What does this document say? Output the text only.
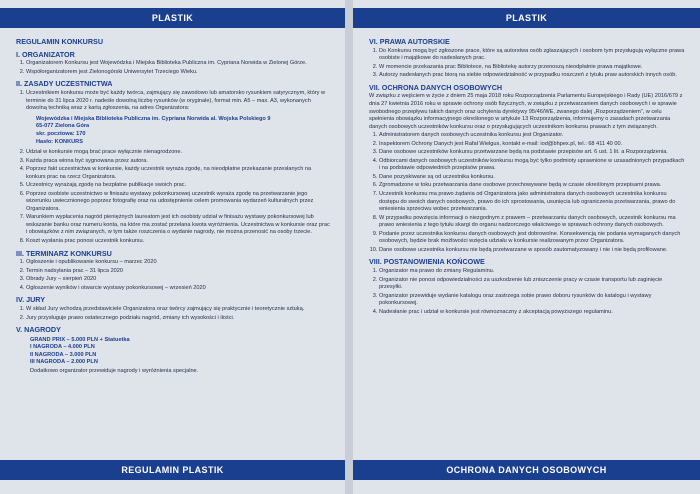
PLASTIK
REGULAMIN KONKURSU
I. ORGANIZATOR
1. Organizatorem Konkursu jest Wojewódzka i Miejska Biblioteka Publiczna im. Cypriana Norwida w Zielonej Górze.
2. Współorganizatorem jest Zielonogórski Uniwersytet Trzeciego Wieku.
II. ZASADY UCZESTNICTWA
1. Uczestnikiem konkursu może być każdy twórca, zajmujący się zawodowo lub amatorsko rysunkiem satyrycznym, który w terminie do 31 lipca 2020 r. nadeśle dowolną liczbę rysunków (w oryginale), format min. A5 – max. A3, wykonanych dowolną techniką wraz z kartą zgłoszenia, na adres Organizatora:
Wojewódzka i Miejska Biblioteka Publiczna im. Cypriana Norwida al. Wojska Polskiego 9
65-077 Zielona Góra
skr. pocztowa: 170
Hasło: KONKURS
2. Udział w konkursie mogą brać prace wyłącznie nienagrodzone.
3. Każda praca winna być sygnowana przez autora.
4. Poprzez fakt uczestnictwa w konkursie, każdy uczestnik wyraża zgodę, na nieodpłatne przekazanie przesłanych na konkurs prac na rzecz Organizatora.
5. Uczestnicy wyrażają zgodę na bezpłatne publikacje swoich prac.
6. Poprzez osobiste uczestnictwo w finisażu wystawy pokonkursowej uczestnik wyraża zgodę na przetwarzanie jego wizerunku uwiecznionego poprzez fotografię oraz na udostępnienie celem promowania wydarzeń kulturalnych przez Organizatora.
7. Warunkiem wypłacenia nagród pieniężnych laureatom jest ich osobisty udział w finisażu wystawy pokonkursowej lub wskazanie banku oraz numeru konta, na które ma zostać przelana kwota wyróżnienia. Uczestnictwa w konkursie oraz prac i obowiązków z nim związanych, w tym także roszczenia o wydanie nagrody, nie można przenosić na osoby trzecie.
8. Koszt wysłania prac ponosi uczestnik konkursu.
III. TERMINARZ KONKURSU
1. Ogłoszenie i opublikowanie konkursu – marzec 2020
2. Termin nadsyłania prac – 31 lipca 2020
3. Obrady Jury – sierpień 2020
4. Ogłoszenie wyników i otwarcie wystawy pokonkursowej – wrzesień 2020
IV. JURY
1. W skład Jury wchodzą przedstawiciele Organizatora oraz twórcy zajmujący się praktycznie i teoretycznie sztuką.
2. Jury przysługuje prawo ostatecznego podziału nagród, zmiany ich wysokości i ilości.
V. NAGRODY
GRAND PRIX – 5.000 PLN + Statuetka
I NAGRODA – 4.000 PLN
II NAGRODA – 3.000 PLN
III NAGRODA – 2.000 PLN

Dodatkowo organizator przewiduje nagrody i wyróżnienia specjalne.

REGULAMIN PLASTIK
PLASTIK
VI. PRAWA AUTORSKIE
1. Do Konkursu mogą być zgłoszone prace, które są autorstwa osób zgłaszających i osobom tym przysługują wyłączne prawa osobiste i majątkowe do nadesłanych prac.
2. W momencie przekazania prac Bibliotece, na Bibliotekę autorzy przenoszą nieodpłatnie prawa majątkowe.
3. Autorzy nadesłanych prac biorą na siebie odpowiedzialność w przypadku roszczeń z tytułu praw autorskich innych osób.
VII. OCHRONA DANYCH OSOBOWYCH

W związku z wejściem w życie z dniem 25 maja 2018 roku Rozporządzenia Parlamentu Europejskiego i Rady (UE) 2016/679 z dnia 27 kwietnia 2016 roku w sprawie ochrony osób fizycznych, w związku z przetwarzaniem danych osobowych i w sprawie swobodnego przepływu takich danych oraz uchylenia dyrektywy 95/46/WE, zwanego dalej „Rozporządzeniem”, w celu spełnienia obowiązku informacyjnego określonego w artykule 13 Rozporządzenia, informujemy o zasadach przetwarzania danych osobowych uczestników konkursu oraz o przysługujących uczestnikom konkursu prawach z tym związanych.

1. Administratorem danych osobowych uczestnika konkursu jest Organizator.
2. Inspektorem Ochrony Danych jest Rafał Wielgus, kontakt e-mail: iod@bhpex.pl, tel.: 68 411 40 00.
3. Dane osobowe uczestników konkursu przetwarzane będą na podstawie przepisów art. 6 ust. 1 lit. a Rozporządzenia.
4. Odbiorcami danych osobowych uczestników konkursu mogą być tylko podmioty uprawnione w uzasadnionych przypadkach i na podstawie odpowiednich przepisów prawa.
5. Dane pozyskiwane są od uczestnika konkursu.
6. Zgromadzone w toku przetwarzania dane osobowe przechowywane będą w czasie określonym przepisami prawa.
7. Uczestnik konkursu ma prawo żądania od Organizatora jako administratora danych osobowych uczestnika konkursu dostępu do swoich danych osobowych, prawo do ich sprostowania, usunięcia lub ograniczenia przetwarzania, prawo do wniesienia sprzeciwu wobec przetwarzania.
8. W przypadku powzięcia informacji o niezgodnym z prawem – przetwarzaniu danych osobowych, uczestnik konkursu ma prawo wniesienia z tego tytułu skargi do organu nadzorczego właściwego w sprawach ochrony danych osobowych.
9. Podanie przez uczestnika konkursu danych osobowych jest dobrowolne. Konsekwencją nie podania wymaganych danych osobowych, będzie brak możliwości wzięcia udziału w konkursie realizowanym przez Organizatora.
10. Dane osobowe uczestnika konkursu nie będą przetwarzane w sposób zautomatyzowany i nie i nie będą profilowane.
VIII. POSTANOWIENIA KOŃCOWE
1. Organizator ma prawo do zmiany Regulaminu.
2. Organizator nie ponosi odpowiedzialności za uszkodzenie lub zniszczenie pracy w czasie transportu lub zaginięcie przesyłki.
3. Organizator przewiduje wydanie katalogu oraz zastrzega sobie prawo doboru rysunków do katalogu i wystawy pokonkursowej.
4. Nadesłanie prac i udział w konkursie jest równoznaczny z akceptacją powyższego regulaminu.
OCHRONA DANYCH OSOBOWYCH
